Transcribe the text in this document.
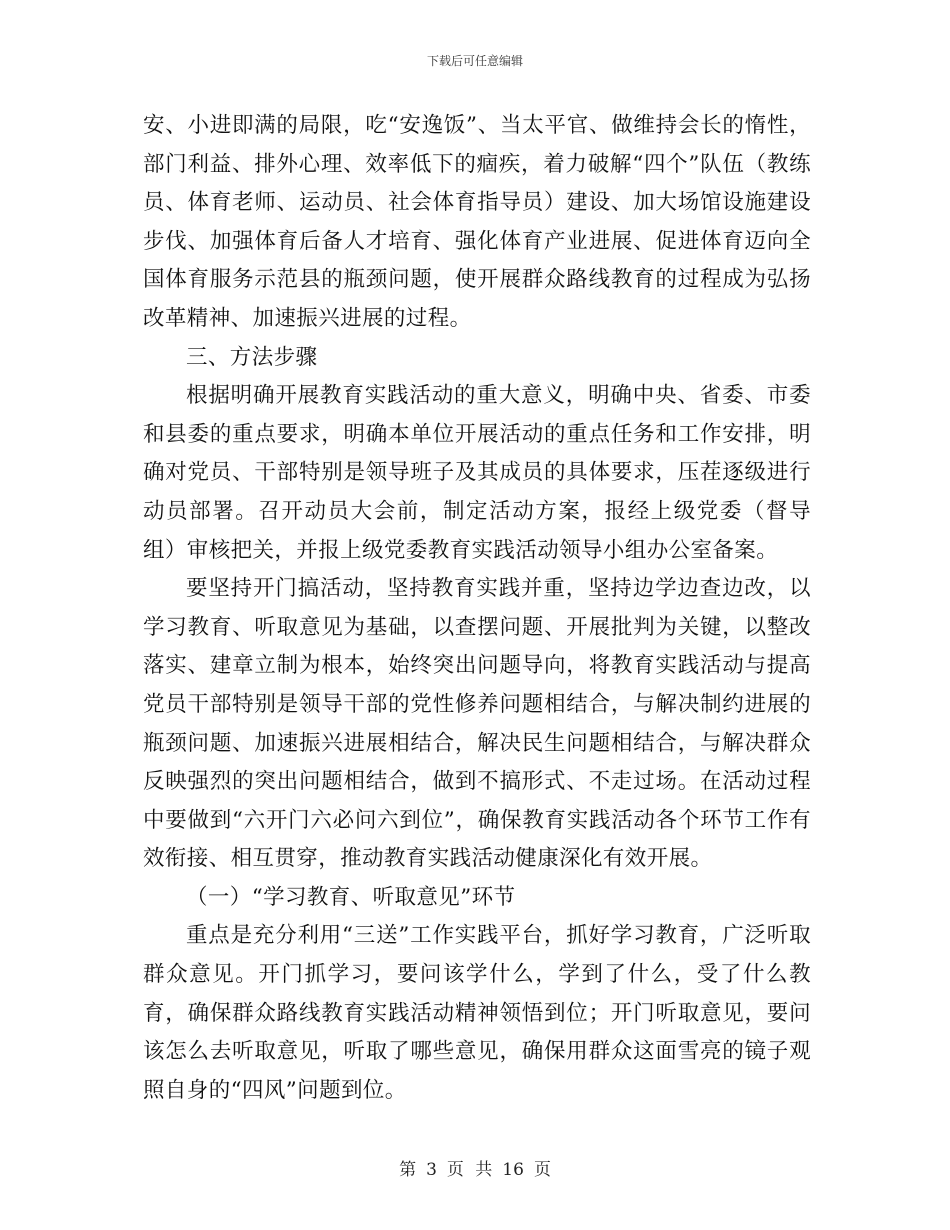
下载后可任意编辑

安、小进即满的局限，吃“安逸饭”、当太平官、做维持会长的惰性，部门利益、排外心理、效率低下的痼疾，着力破解“四个”队伍（教练员、体育老师、运动员、社会体育指导员）建设、加大场馆设施建设步伐、加强体育后备人才培育、强化体育产业进展、促进体育迈向全国体育服务示范县的瓶颈问题，使开展群众路线教育的过程成为弘扬改革精神、加速振兴进展的过程。

三、方法步骤

根据明确开展教育实践活动的重大意义，明确中央、省委、市委和县委的重点要求，明确本单位开展活动的重点任务和工作安排，明确对党员、干部特别是领导班子及其成员的具体要求，压茬逐级进行动员部署。召开动员大会前，制定活动方案，报经上级党委（督导组）审核把关，并报上级党委教育实践活动领导小组办公室备案。

要坚持开门搞活动，坚持教育实践并重，坚持边学边查边改，以学习教育、听取意见为基础，以查摆问题、开展批判为关键，以整改落实、建章立制为根本，始终突出问题导向，将教育实践活动与提高党员干部特别是领导干部的党性修养问题相结合，与解决制约进展的瓶颈问题、加速振兴进展相结合，解决民生问题相结合，与解决群众反映强烈的突出问题相结合，做到不搞形式、不走过场。在活动过程中要做到“六开门六必问六到位”，确保教育实践活动各个环节工作有效衔接、相互贯穿，推动教育实践活动健康深化有效开展。

（一）“学习教育、听取意见”环节

重点是充分利用“三送”工作实践平台，抓好学习教育，广泛听取群众意见。开门抓学习，要问该学什么，学到了什么，受了什么教育，确保群众路线教育实践活动精神领悟到位；开门听取意见，要问该怎么去听取意见，听取了哪些意见，确保用群众这面雪亮的镜子观照自身的“四风”问题到位。

第 3 页 共 16 页
